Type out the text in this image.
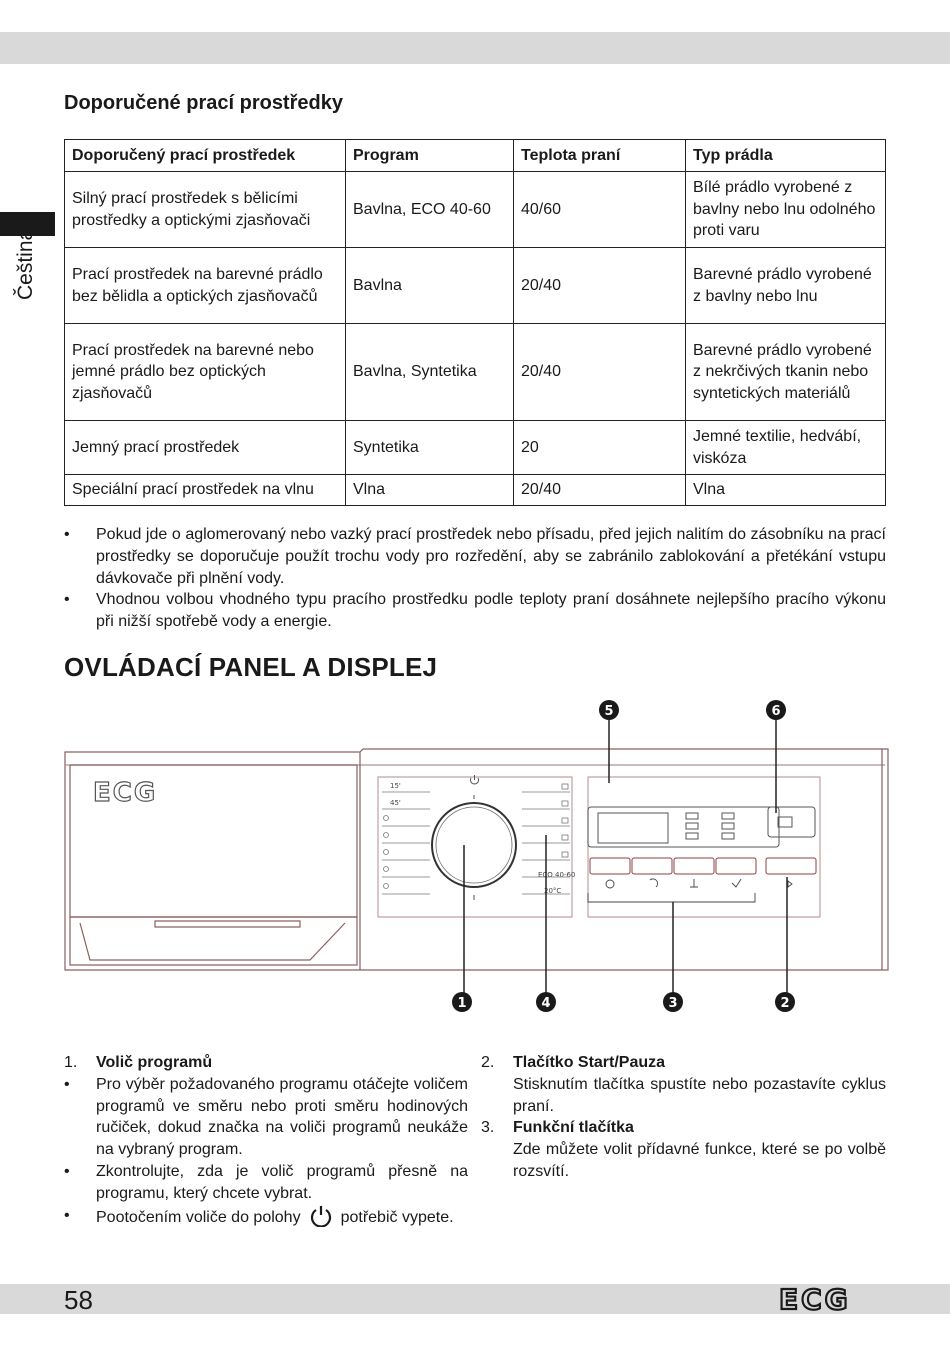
Čeština
Doporučené prací prostředky
Doporučený prací prostředek	Program	Teplota praní	Typ prádla
Silný prací prostředek s bělicími prostředky a optickými zjasňovači	Bavlna, ECO 40-60	40/60	Bílé prádlo vyrobené z bavlny nebo lnu odolného proti varu
Prací prostředek na barevné prádlo bez bělidla a optických zjasňovačů	Bavlna	20/40	Barevné prádlo vyrobené z bavlny nebo lnu
Prací prostředek na barevné nebo jemné prádlo bez optických zjasňovačů	Bavlna, Syntetika	20/40	Barevné prádlo vyrobené z nekrčivých tkanin nebo syntetických materiálů
Jemný prací prostředek	Syntetika	20	Jemné textilie, hedvábí, viskóza
Speciální prací prostředek na vlnu	Vlna	20/40	Vlna
• Pokud jde o aglomerovaný nebo vazký prací prostředek nebo přísadu, před jejich nalitím do zásobníku na prací prostředky se doporučuje použít trochu vody pro rozředění, aby se zabránilo zablokování a přetékání vstupu dávkovače při plnění vody.
• Vhodnou volbou vhodného typu pracího prostředku podle teploty praní dosáhnete nejlepšího pracího výkonu při nižší spotřebě vody a energie.
OVLÁDACÍ PANEL A DISPLEJ
ECG	15'
45'
ECO 40-60
20°C
5	6
1	4	3	2
1. Volič programů
• Pro výběr požadovaného programu otáčejte voličem programů ve směru nebo proti směru hodinových ručiček, dokud značka na voliči programů neukáže na vybraný program.
• Zkontrolujte, zda je volič programů přesně na programu, který chcete vybrat.
• Pootočením voliče do polohy	potřebič vypete.
2. Tlačítko Start/Pauza
Stisknutím tlačítka spustíte nebo pozastavíte cyklus praní.
3. Funkční tlačítka
Zde můžete volit přídavné funkce, které se po volbě rozsvítí.
58	ECG
